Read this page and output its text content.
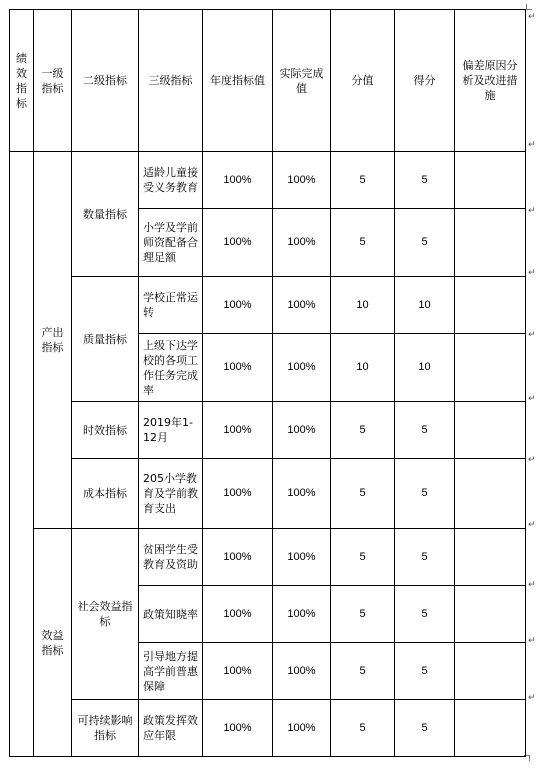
绩效指标	一级指标	二级指标	三级指标	年度指标值	实际完成值	分值	得分	偏差原因分析及改进措施
	产出指标	数量指标	适龄儿童接受义务教育	100%	100%	5	5	
			小学及学前师资配备合理足额	100%	100%	5	5	
		质量指标	学校正常运转	100%	100%	10	10	
			上级下达学校的各项工作任务完成率	100%	100%	10	10	
		时效指标	2019年1-12月	100%	100%	5	5	
		成本指标	205小学教育及学前教育支出	100%	100%	5	5	
	效益指标	社会效益指标	贫困学生受教育及资助	100%	100%	5	5	
			政策知晓率	100%	100%	5	5	
			引导地方提高学前普惠保障	100%	100%	5	5	
		可持续影响指标	政策发挥效应年限	100%	100%	5	5	
↵
↵
↵
↵
↵
↵
↵
↵
↵
↵
↵
